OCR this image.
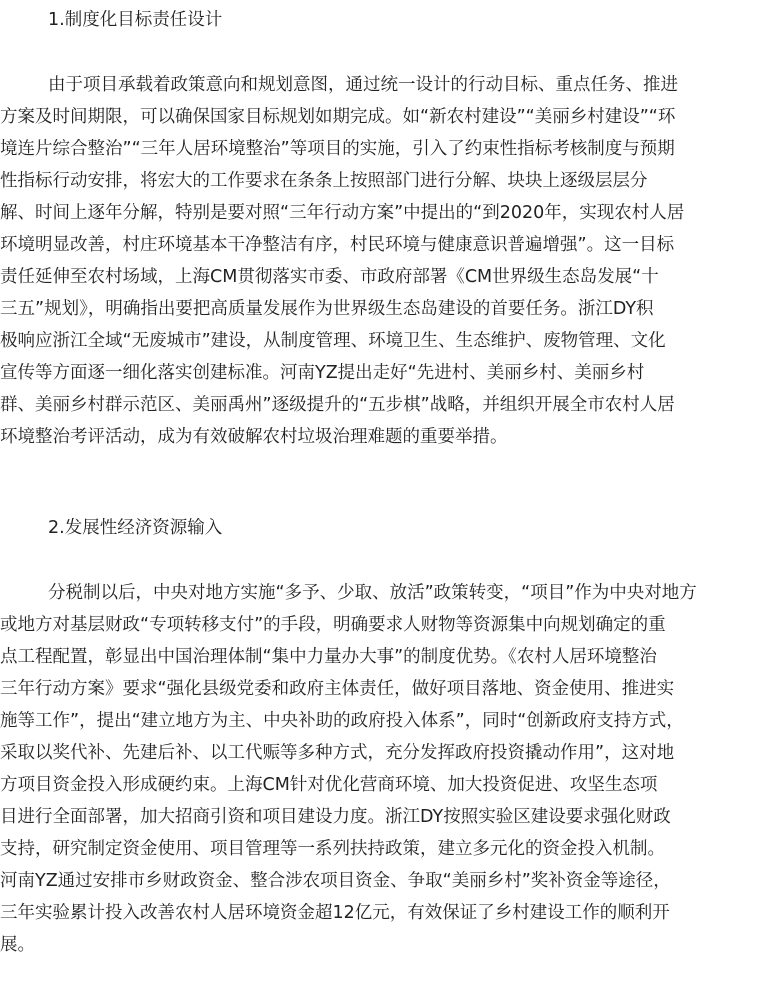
1.制度化目标责任设计
由于项目承载着政策意向和规划意图，通过统一设计的行动目标、重点任务、推进
方案及时间期限，可以确保国家目标规划如期完成。如“新农村建设”“美丽乡村建设”“环
境连片综合整治”“三年人居环境整治”等项目的实施，引入了约束性指标考核制度与预期
性指标行动安排，将宏大的工作要求在条条上按照部门进行分解、块块上逐级层层分
解、时间上逐年分解，特别是要对照“三年行动方案”中提出的“到2020年，实现农村人居
环境明显改善，村庄环境基本干净整洁有序，村民环境与健康意识普遍增强”。这一目标
责任延伸至农村场域，上海CM贯彻落实市委、市政府部署《CM世界级生态岛发展“十
三五”规划》，明确指出要把高质量发展作为世界级生态岛建设的首要任务。浙江DY积
极响应浙江全域“无废城市”建设，从制度管理、环境卫生、生态维护、废物管理、文化
宣传等方面逐一细化落实创建标准。河南YZ提出走好“先进村、美丽乡村、美丽乡村
群、美丽乡村群示范区、美丽禹州”逐级提升的“五步棋”战略，并组织开展全市农村人居
环境整治考评活动，成为有效破解农村垃圾治理难题的重要举措。
2.发展性经济资源输入
分税制以后，中央对地方实施“多予、少取、放活”政策转变，“项目”作为中央对地方
或地方对基层财政“专项转移支付”的手段，明确要求人财物等资源集中向规划确定的重
点工程配置，彰显出中国治理体制“集中力量办大事”的制度优势。《农村人居环境整治
三年行动方案》要求“强化县级党委和政府主体责任，做好项目落地、资金使用、推进实
施等工作”，提出“建立地方为主、中央补助的政府投入体系”，同时“创新政府支持方式，
采取以奖代补、先建后补、以工代赈等多种方式，充分发挥政府投资撬动作用”，这对地
方项目资金投入形成硬约束。上海CM针对优化营商环境、加大投资促进、攻坚生态项
目进行全面部署，加大招商引资和项目建设力度。浙江DY按照实验区建设要求强化财政
支持，研究制定资金使用、项目管理等一系列扶持政策，建立多元化的资金投入机制。
河南YZ通过安排市乡财政资金、整合涉农项目资金、争取“美丽乡村”奖补资金等途径，
三年实验累计投入改善农村人居环境资金超12亿元，有效保证了乡村建设工作的顺利开
展。
